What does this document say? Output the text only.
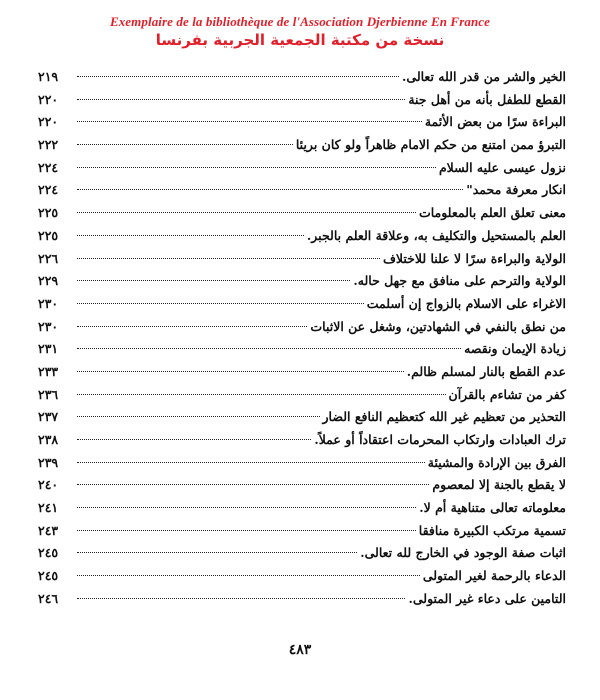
Exemplaire de la bibliothèque de l'Association Djerbienne En France
نسخة من مكتبة الجمعية الجربية بفرنسا
الخير والشر من قدر الله تعالى.
٢١٩
القطع للطفل بأنه من أهل جنة
٢٢٠
البراءة سرًا من بعض الأئمة
٢٢٠
التبرؤ ممن امتنع من حكم الامام ظاهراً ولو كان بريئا
٢٢٢
نزول عيسى عليه السلام
٢٢٤
انكار معرفة محمد"
٢٢٤
معنى تعلق العلم بالمعلومات
٢٢٥
العلم بالمستحيل والتكليف به، وعلاقة العلم بالجبر.
٢٢٥
الولاية والبراءة سرًا لا علنا للاختلاف
٢٢٦
الولاية والترحم على منافق مع جهل حاله.
٢٢٩
الاغراء على الاسلام بالزواج إن أسلمت
٢٣٠
من نطق بالنفي في الشهادتين، وشغل عن الاثبات
٢٣٠
زيادة الإيمان ونقصه
٢٣١
عدم القطع بالنار لمسلم ظالم.
٢٣٣
كفر من تشاءم بالقرآن
٢٣٦
التحذير من تعظيم غير الله كتعظيم النافع الضار
٢٣٧
ترك العبادات وارتكاب المحرمات اعتقاداً أو عملاً.
٢٣٨
الفرق بين الإرادة والمشيئة
٢٣٩
لا يقطع بالجنة إلا لمعصوم
٢٤٠
معلوماته تعالى متناهية أم لا.
٢٤١
تسمية مرتكب الكبيرة منافقا
٢٤٣
اثبات صفة الوجود في الخارج لله تعالى.
٢٤٥
الدعاء بالرحمة لغير المتولى
٢٤٥
التامين على دعاء غير المتولى.
٢٤٦
٤٨٣
